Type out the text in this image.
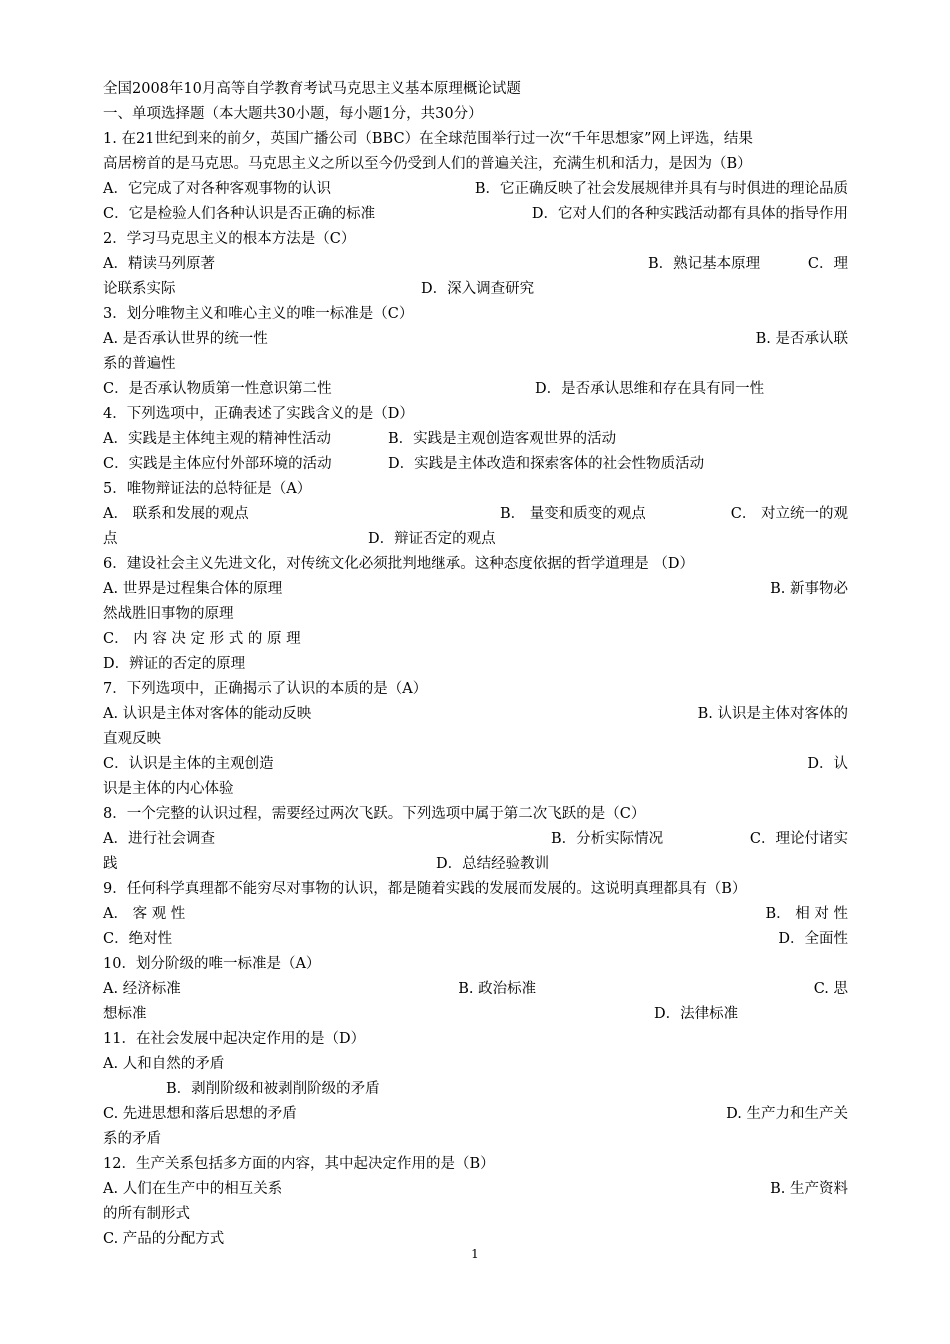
全国2008年10月高等自学教育考试马克思主义基本原理概论试题
一、单项选择题（本大题共30小题，每小题1分，共30分）
1. 在21世纪到来的前夕，英国广播公司（BBC）在全球范围举行过一次“千年思想家”网上评选，结果
高居榜首的是马克思。马克思主义之所以至今仍受到人们的普遍关注，充满生机和活力，是因为（B）
A．它完成了对各种客观事物的认识	B．它正确反映了社会发展规律并具有与时俱进的理论品质
C．它是检验人们各种认识是否正确的标准	D．它对人们的各种实践活动都有具体的指导作用
2．学习马克思主义的根本方法是（C）
A．精读马列原著	B．熟记基本原理	C．理
论联系实际	D．深入调查研究
3．划分唯物主义和唯心主义的唯一标准是（C）
A. 是否承认世界的统一性	B. 是否承认联
系的普遍性
C．是否承认物质第一性意识第二性	D．是否承认思维和存在具有同一性
4．下列选项中，正确表述了实践含义的是（D）
A．实践是主体纯主观的精神性活动	B．实践是主观创造客观世界的活动
C．实践是主体应付外部环境的活动	D．实践是主体改造和探索客体的社会性物质活动
5．唯物辩证法的总特征是（A）
A． 联系和发展的观点	B． 量变和质变的观点	C． 对立统一的观
点	D．辩证否定的观点
6．建设社会主义先进文化，对传统文化必须批判地继承。这种态度依据的哲学道理是 （D）
A. 世界是过程集合体的原理	B. 新事物必
然战胜旧事物的原理
C． 内 容 决 定 形 式 的 原 理
D．辨证的否定的原理
7．下列选项中，正确揭示了认识的本质的是（A）
A. 认识是主体对客体的能动反映	B. 认识是主体对客体的
直观反映
C．认识是主体的主观创造	D．认
识是主体的内心体验
8．一个完整的认识过程，需要经过两次飞跃。下列选项中属于第二次飞跃的是（C）
A．进行社会调查	B．分析实际情况	C．理论付诸实
践	D．总结经验教训
9．任何科学真理都不能穷尽对事物的认识，都是随着实践的发展而发展的。这说明真理都具有（B）
A． 客 观 性	B． 相 对 性
C．绝对性	D．全面性
10．划分阶级的唯一标准是（A）
A. 经济标准	B. 政治标准	C. 思
想标准	D．法律标准
11．在社会发展中起决定作用的是（D）
A. 人和自然的矛盾
B．剥削阶级和被剥削阶级的矛盾
C. 先进思想和落后思想的矛盾	D. 生产力和生产关
系的矛盾
12．生产关系包括多方面的内容，其中起决定作用的是（B）
A. 人们在生产中的相互关系	B. 生产资料
的所有制形式
C. 产品的分配方式
1
